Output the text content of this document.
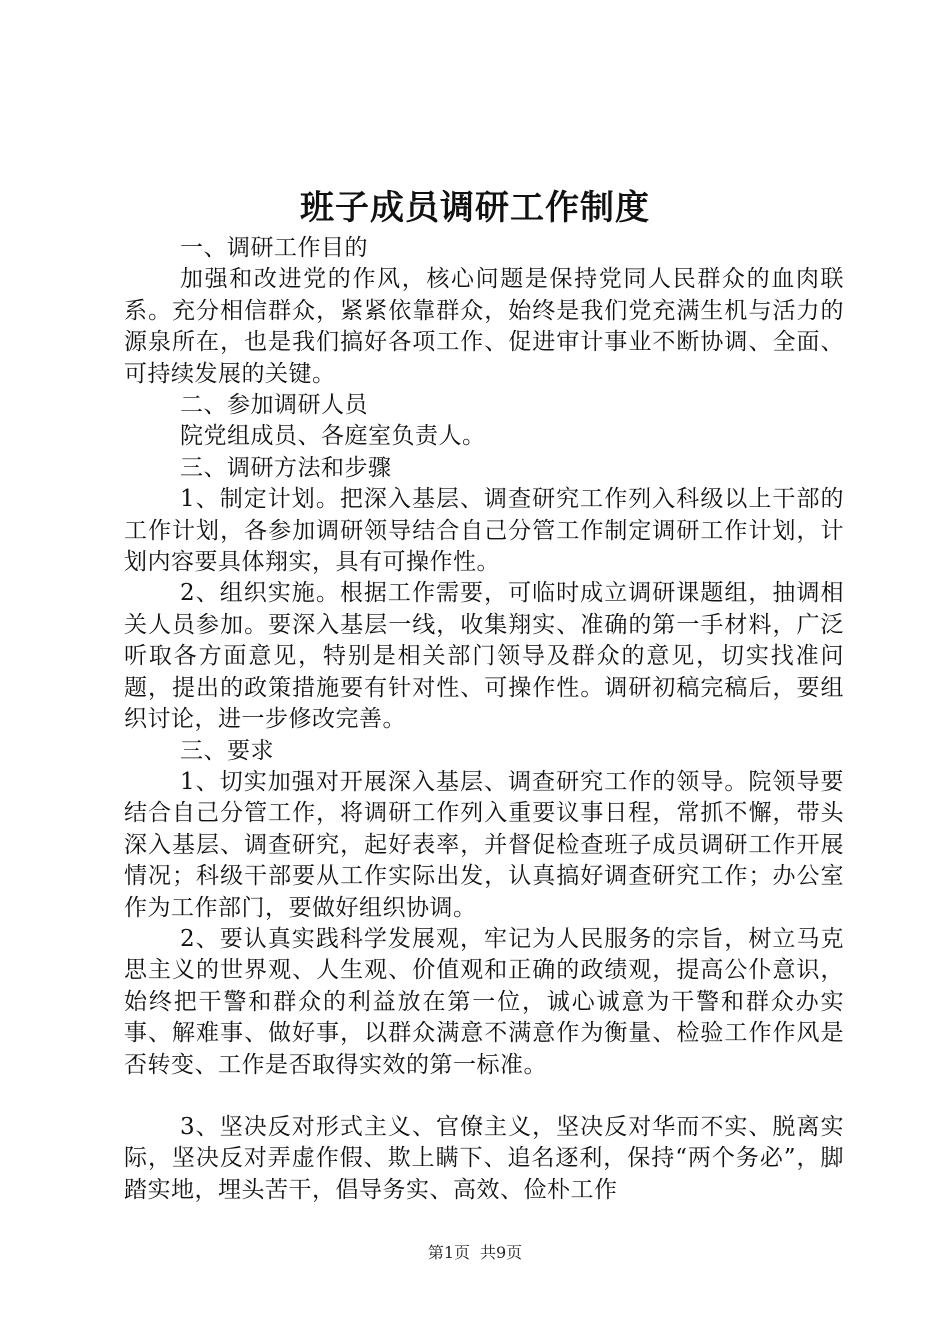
班子成员调研工作制度

一、调研工作目的

加强和改进党的作风，核心问题是保持党同人民群众的血肉联系。充分相信群众，紧紧依靠群众，始终是我们党充满生机与活力的源泉所在，也是我们搞好各项工作、促进审计事业不断协调、全面、可持续发展的关键。

二、参加调研人员

院党组成员、各庭室负责人。

三、调研方法和步骤

1、制定计划。把深入基层、调查研究工作列入科级以上干部的工作计划，各参加调研领导结合自己分管工作制定调研工作计划，计划内容要具体翔实，具有可操作性。

2、组织实施。根据工作需要，可临时成立调研课题组，抽调相关人员参加。要深入基层一线，收集翔实、准确的第一手材料，广泛听取各方面意见，特别是相关部门领导及群众的意见，切实找准问题，提出的政策措施要有针对性、可操作性。调研初稿完稿后，要组织讨论，进一步修改完善。

三、要求

1、切实加强对开展深入基层、调查研究工作的领导。院领导要结合自己分管工作，将调研工作列入重要议事日程，常抓不懈，带头深入基层、调查研究，起好表率，并督促检查班子成员调研工作开展情况；科级干部要从工作实际出发，认真搞好调查研究工作；办公室作为工作部门，要做好组织协调。

2、要认真实践科学发展观，牢记为人民服务的宗旨，树立马克思主义的世界观、人生观、价值观和正确的政绩观，提高公仆意识，始终把干警和群众的利益放在第一位，诚心诚意为干警和群众办实事、解难事、做好事，以群众满意不满意作为衡量、检验工作作风是否转变、工作是否取得实效的第一标准。

3、坚决反对形式主义、官僚主义，坚决反对华而不实、脱离实际，坚决反对弄虚作假、欺上瞒下、追名逐利，保持“两个务必”，脚踏实地，埋头苦干，倡导务实、高效、俭朴工作

第1页 共9页
